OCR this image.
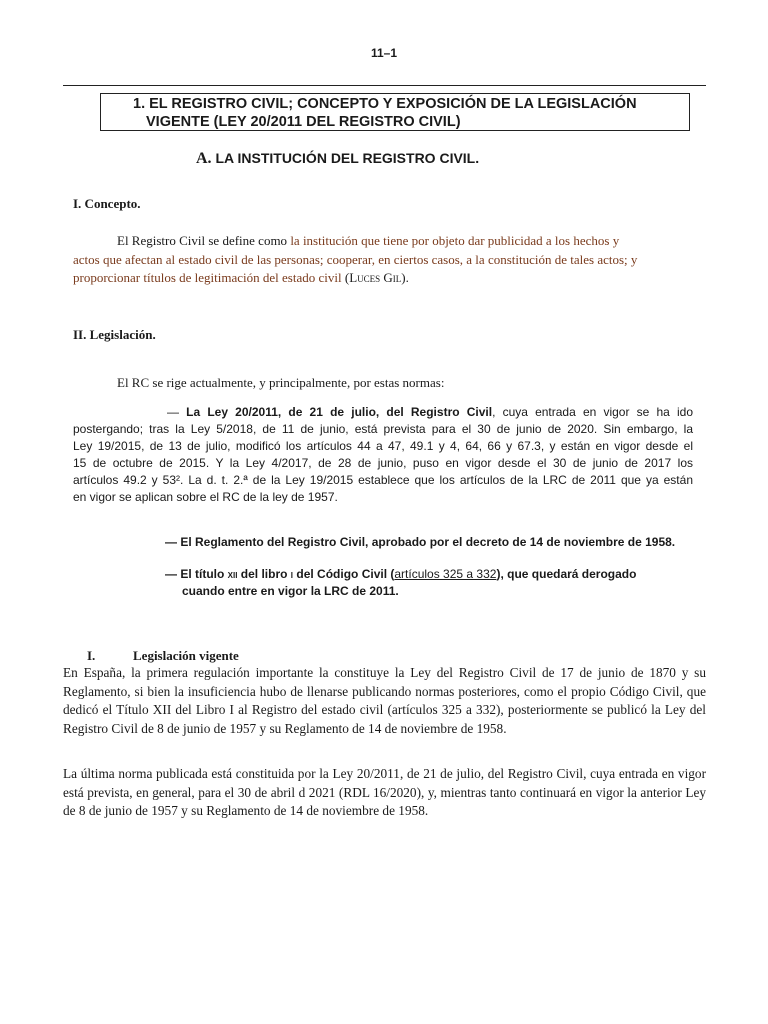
11–1
1. EL REGISTRO CIVIL; CONCEPTO Y EXPOSICIÓN DE LA LEGISLACIÓN
VIGENTE (LEY 20/2011 DEL REGISTRO CIVIL)
A. LA INSTITUCIÓN DEL REGISTRO CIVIL.
I. Concepto.
El Registro Civil se define como la institución que tiene por objeto dar publicidad a los hechos y
actos que afectan al estado civil de las personas; cooperar, en ciertos casos, a la constitución de tales actos; y
proporcionar títulos de legitimación del estado civil (Luces Gil).
II. Legislación.
El RC se rige actualmente, y principalmente, por estas normas:
— La Ley 20/2011, de 21 de julio, del Registro Civil, cuya entrada en vigor se ha ido
postergando; tras la Ley 5/2018, de 11 de junio, está prevista para el 30 de junio de 2020. Sin embargo, la
Ley 19/2015, de 13 de julio, modificó los artículos 44 a 47, 49.1 y 4, 64, 66 y 67.3, y están en vigor desde el
15 de octubre de 2015. Y la Ley 4/2017, de 28 de junio, puso en vigor desde el 30 de junio de 2017 los
artículos 49.2 y 53². La d. t. 2.ª de la Ley 19/2015 establece que los artículos de la LRC de 2011 que ya están
en vigor se aplican sobre el RC de la ley de 1957.
— El Reglamento del Registro Civil, aprobado por el decreto de 14 de noviembre de 1958.
— El título xii del libro i del Código Civil (artículos 325 a 332), que quedará derogado
cuando entre en vigor la LRC de 2011.
I.	Legislación vigente
En España, la primera regulación importante la constituye la Ley del Registro Civil de 17 de junio de 1870 y su Reglamento, si bien la insuficiencia hubo de llenarse publicando normas posteriores, como el propio Código Civil, que dedicó el Título XII del Libro I al Registro del estado civil (artículos 325 a 332), posteriormente se publicó la Ley del Registro Civil de 8 de junio de 1957 y su Reglamento de 14 de noviembre de 1958.
La última norma publicada está constituida por la Ley 20/2011, de 21 de julio, del Registro Civil, cuya entrada en vigor está prevista, en general, para el 30 de abril d 2021 (RDL 16/2020), y, mientras tanto continuará en vigor la anterior Ley de 8 de junio de 1957 y su Reglamento de 14 de noviembre de 1958.
